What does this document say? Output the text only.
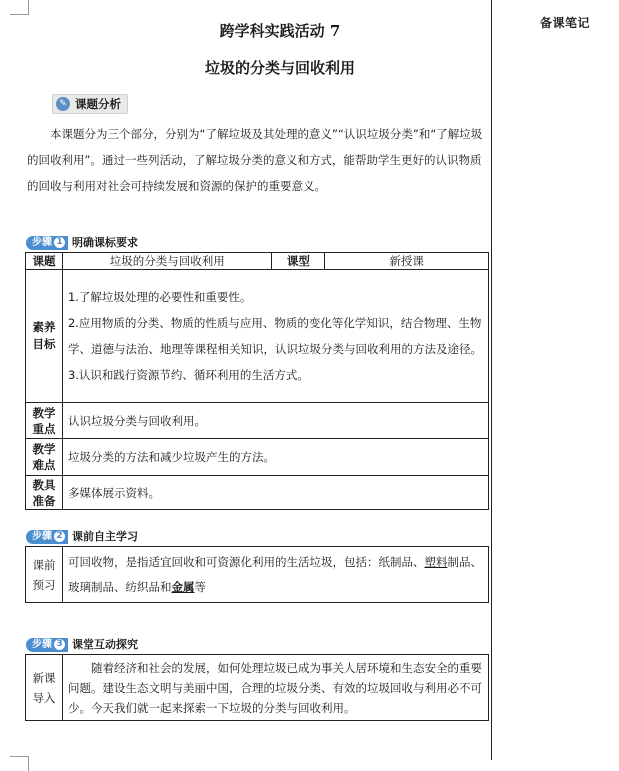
备课笔记
跨学科实践活动 7
垃圾的分类与回收利用
✎ 课题分析
本课题分为三个部分，分别为“了解垃圾及其处理的意义”“认识垃圾分类”和“了解垃圾的回收利用”。通过一些列活动，了解垃圾分类的意义和方式，能帮助学生更好的认识物质的回收与利用对社会可持续发展和资源的保护的重要意义。
步骤 1 明确课标要求
课题	垃圾的分类与回收利用	课型	新授课
素养目标	1.了解垃圾处理的必要性和重要性。
2.应用物质的分类、物质的性质与应用、物质的变化等化学知识，结合物理、生物学、道德与法治、地理等课程相关知识，认识垃圾分类与回收利用的方法及途径。
3.认识和践行资源节约、循环利用的生活方式。		

教学重点	认识垃圾分类与回收利用。		
教学难点	垃圾分类的方法和减少垃圾产生的方法。		
教具准备	多媒体展示资料。		
步骤 2 课前自主学习
课前预习	可回收物，是指适宜回收和可资源化利用的生活垃圾，包括：纸制品、塑料制品、玻璃制品、纺织品和金属等
步骤 3 课堂互动探究
新课导入	随着经济和社会的发展，如何处理垃圾已成为事关人居环境和生态安全的重要问题。建设生态文明与美丽中国，合理的垃圾分类、有效的垃圾回收与利用必不可少。今天我们就一起来探索一下垃圾的分类与回收利用。
